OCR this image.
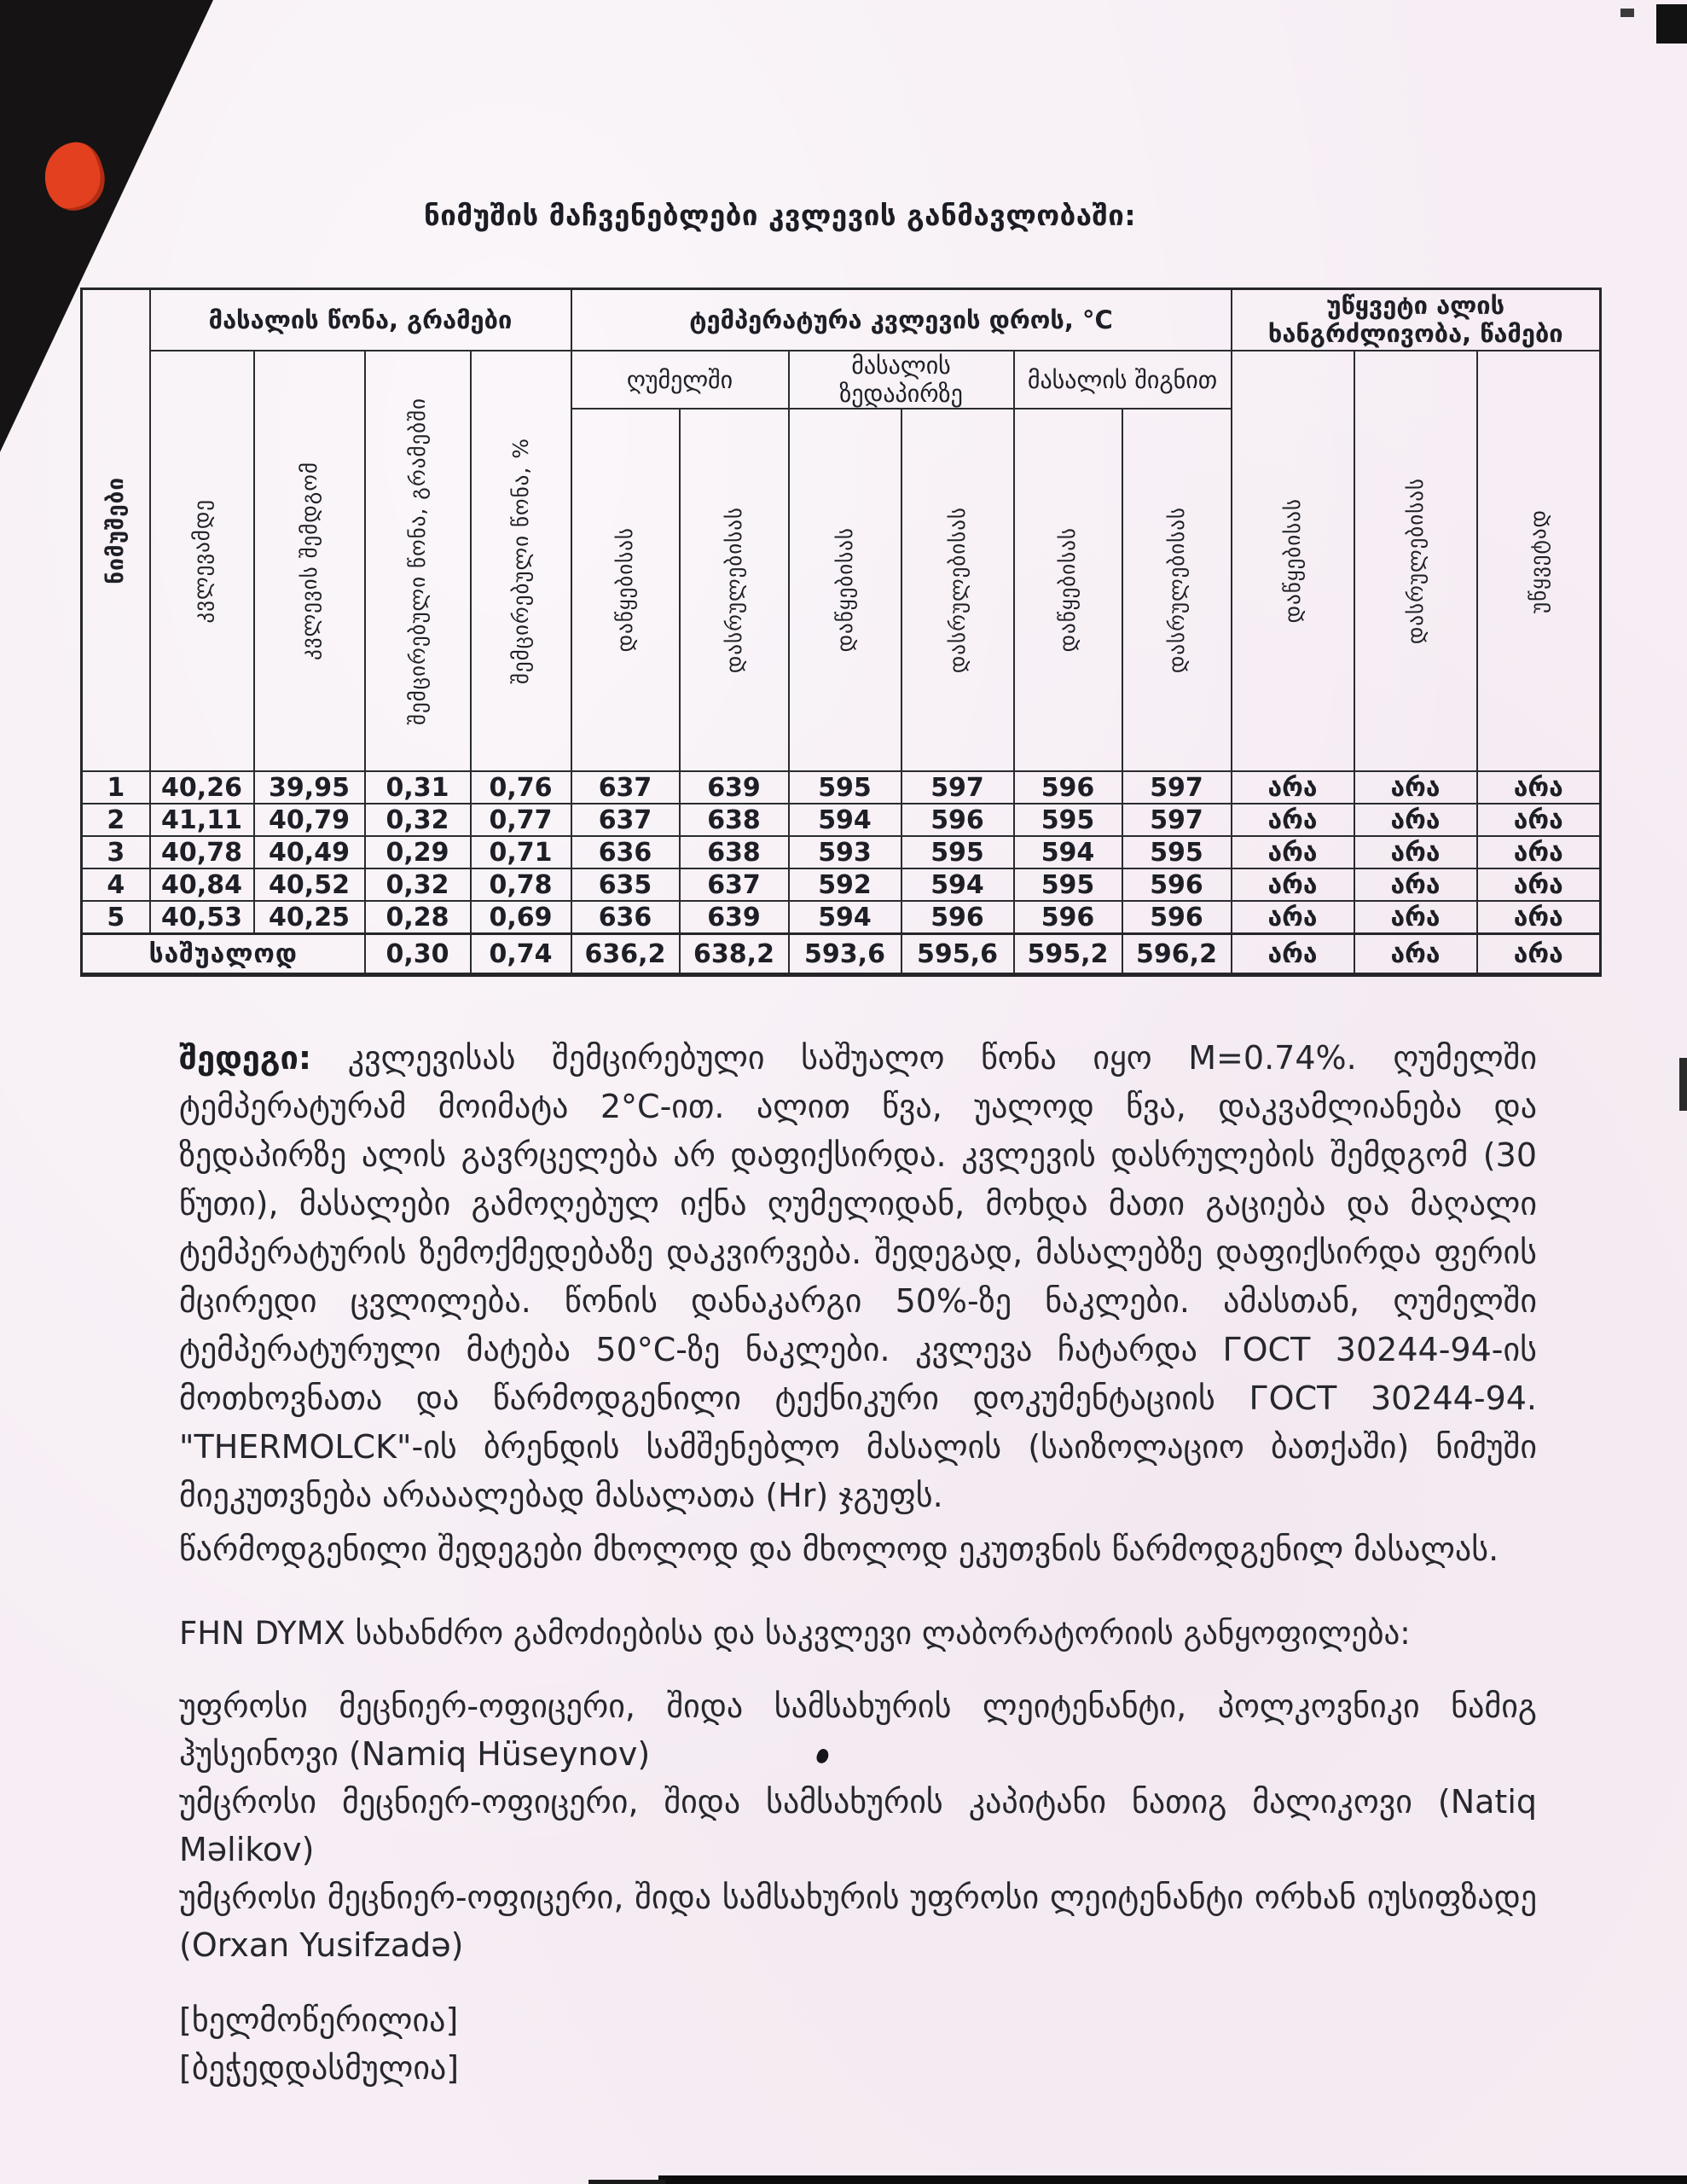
ნიმუშის მაჩვენებლები კვლევის განმავლობაში:
ნიმუშები	მასალის წონა, გრამები				ტემპერატურა კვლევის დროს, °C						უწყვეტი ალის ხანგრძლივობა, წამები		

	კვლევამდე	კვლევის შემდგომ	შემცირებული წონა, გრამებში	შემცირებული წონა, %	ღუმელში		მასალის ზედაპირზე		მასალის შიგნით		დაწყებისას	დასრულებისას	უწყვეტად

					დაწყებისას	დასრულებისას	დაწყებისას	დასრულებისას	დაწყებისას	დასრულებისას			

1	40,26	39,95	0,31	0,76	637	639	595	597	596	597	არა	არა	არა
2	41,11	40,79	0,32	0,77	637	638	594	596	595	597	არა	არა	არა
3	40,78	40,49	0,29	0,71	636	638	593	595	594	595	არა	არა	არა
4	40,84	40,52	0,32	0,78	635	637	592	594	595	596	არა	არა	არა
5	40,53	40,25	0,28	0,69	636	639	594	596	596	596	არა	არა	არა
საშუალოდ			0,30	0,74	636,2	638,2	593,6	595,6	595,2	596,2	არა	არა	არა

შედეგი: კვლევისას შემცირებული საშუალო წონა იყო M=0.74%. ღუმელში ტემპერატურამ მოიმატა 2°C-ით. ალით წვა, უალოდ წვა, დაკვამლიანება და ზედაპირზე ალის გავრცელება არ დაფიქსირდა. კვლევის დასრულების შემდგომ (30 წუთი), მასალები გამოღებულ იქნა ღუმელიდან, მოხდა მათი გაციება და მაღალი ტემპერატურის ზემოქმედებაზე დაკვირვება. შედეგად, მასალებზე დაფიქსირდა ფერის მცირედი ცვლილება. წონის დანაკარგი 50%-ზე ნაკლები. ამასთან, ღუმელში ტემპერატურული მატება 50°C-ზე ნაკლები. კვლევა ჩატარდა ГОСТ 30244-94-ის მოთხოვნათა და წარმოდგენილი ტექნიკური დოკუმენტაციის ГОСТ 30244-94. "THERMOLCK"-ის ბრენდის სამშენებლო მასალის (საიზოლაციო ბათქაში) ნიმუში მიეკუთვნება არააალებად მასალათა (Hr) ჯგუფს.

წარმოდგენილი შედეგები მხოლოდ და მხოლოდ ეკუთვნის წარმოდგენილ მასალას.

FHN DYMX სახანძრო გამოძიებისა და საკვლევი ლაბორატორიის განყოფილება:

უფროსი მეცნიერ-ოფიცერი, შიდა სამსახურის ლეიტენანტი, პოლკოვნიკი ნამიგ ჰუსეინოვი (Namiq Hüseynov)

უმცროსი მეცნიერ-ოფიცერი, შიდა სამსახურის კაპიტანი ნათიგ მალიკოვი (Natiq Məlikov)

უმცროსი მეცნიერ-ოფიცერი, შიდა სამსახურის უფროსი ლეიტენანტი ორხან იუსიფზადე (Orxan Yusifzadə)

[ხელმოწერილია]

[ბეჭედდასმულია]
